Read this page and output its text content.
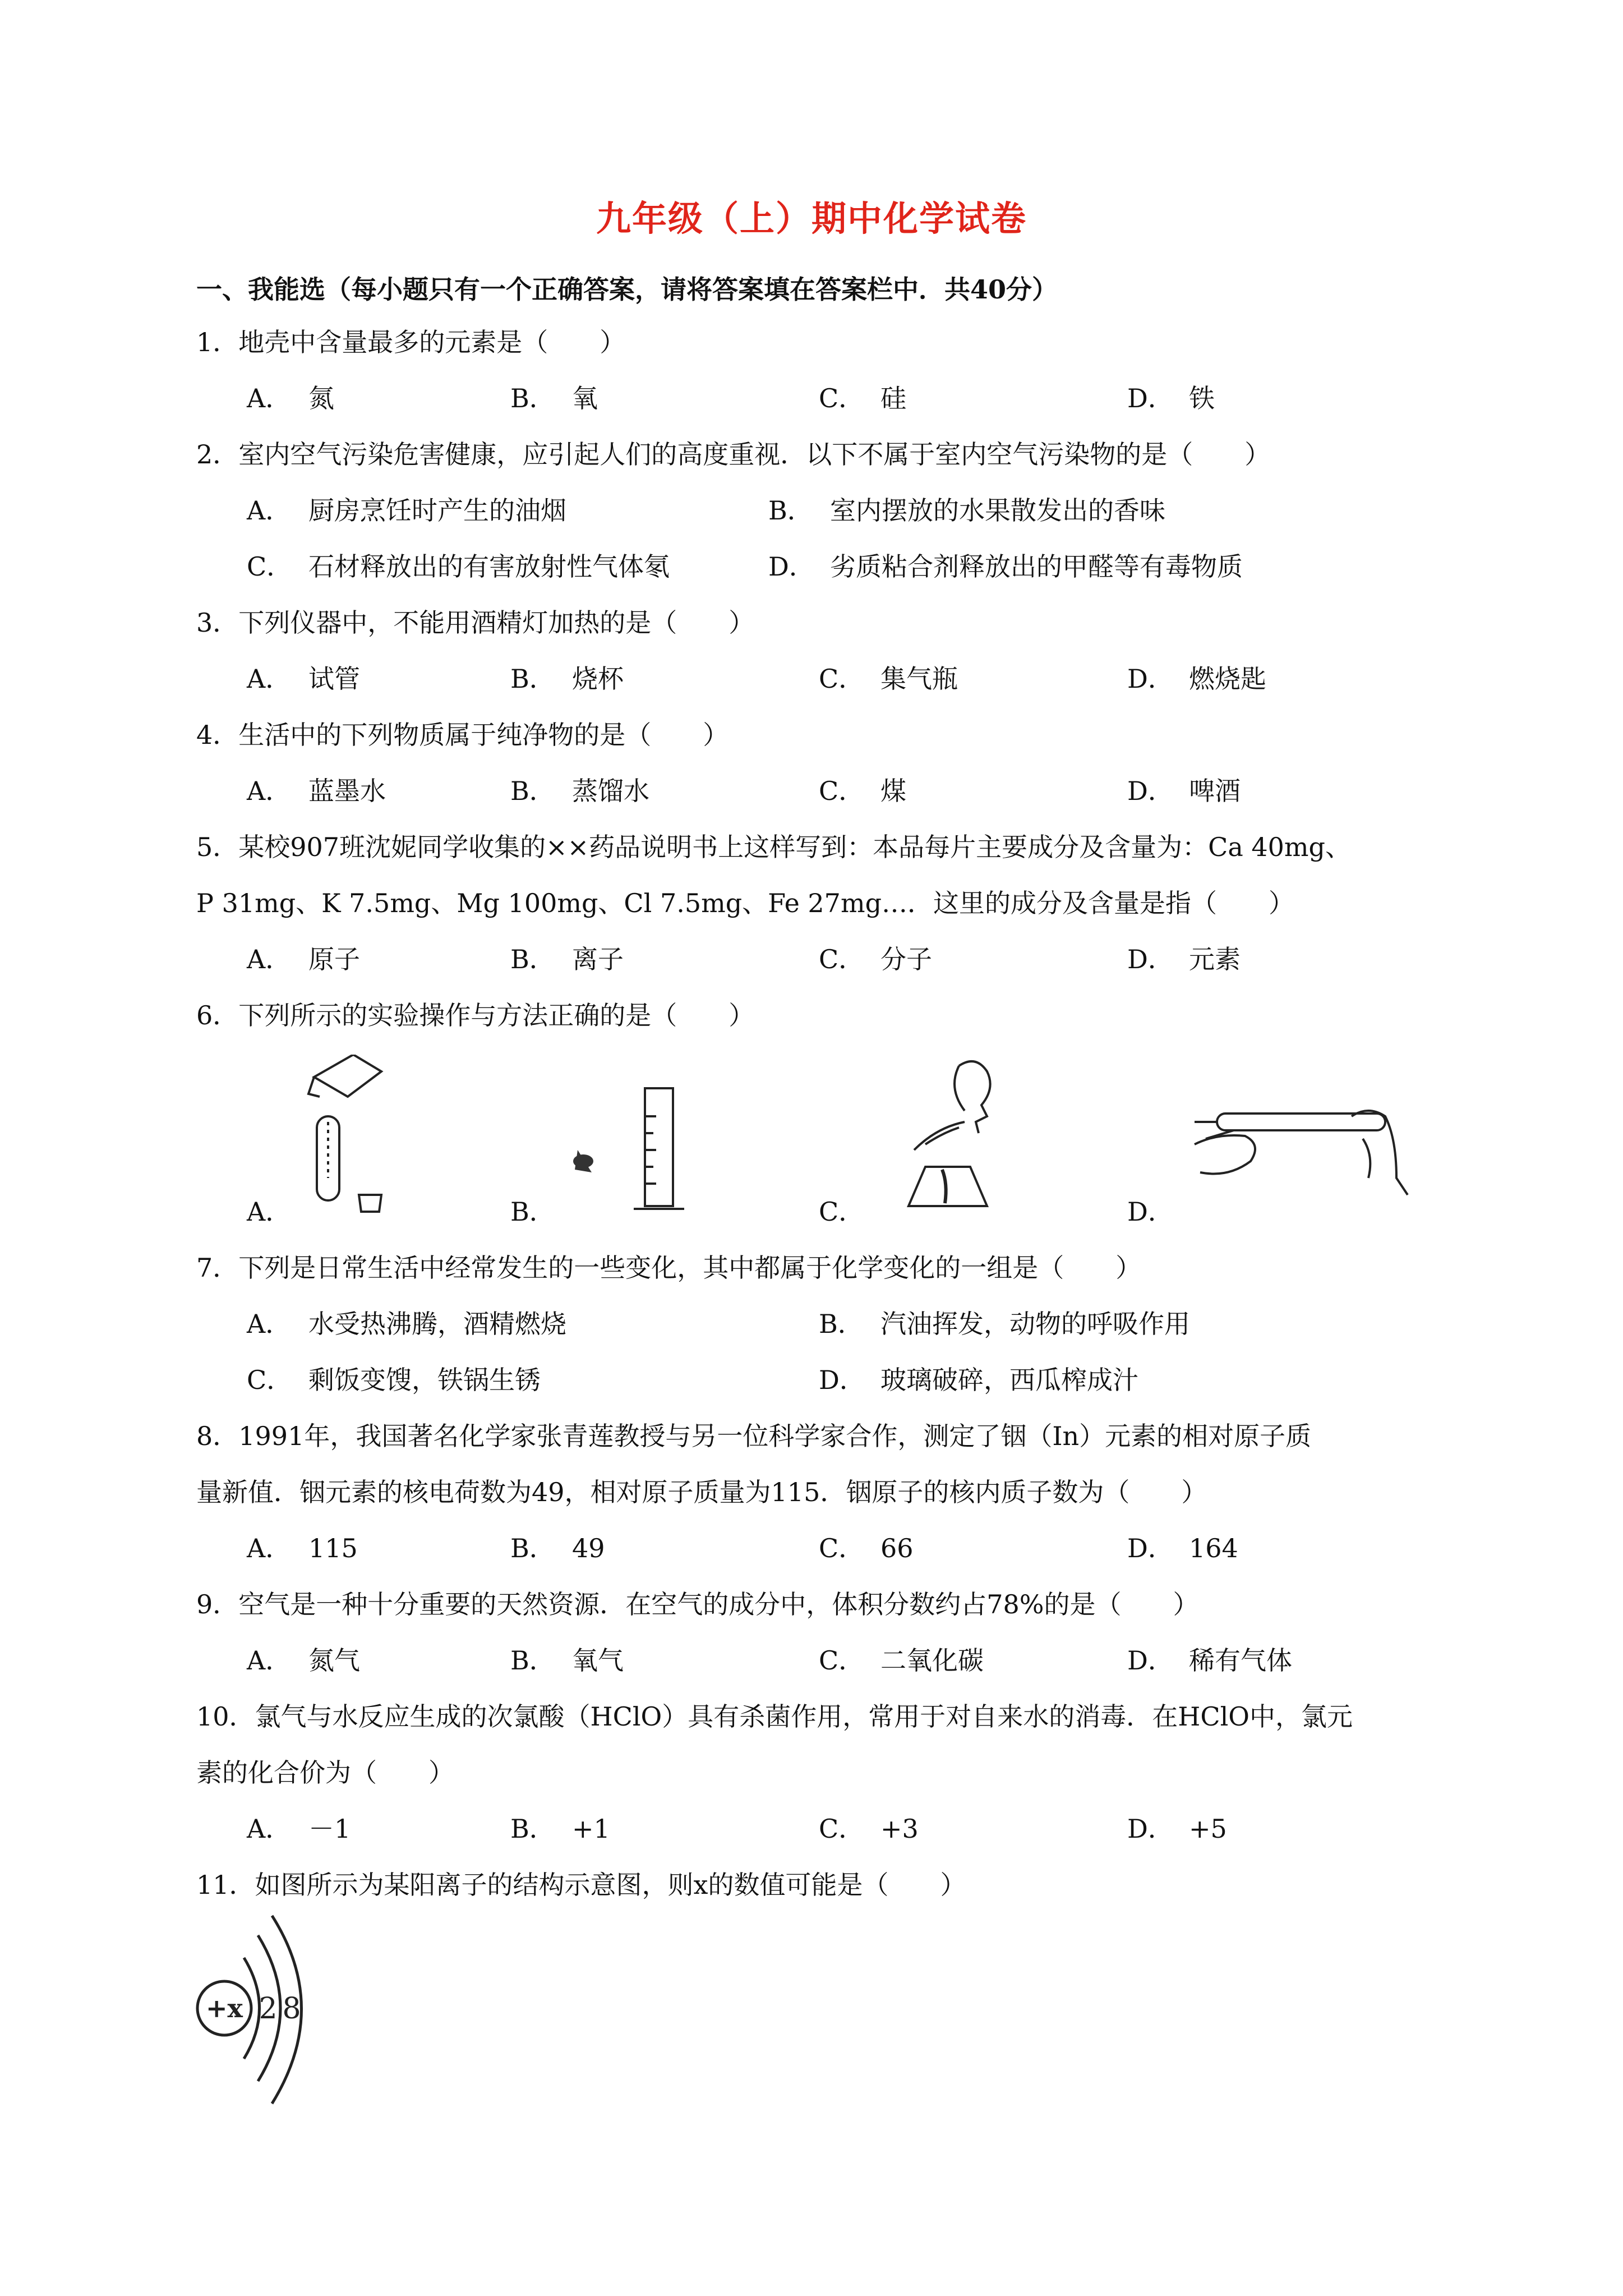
九年级（上）期中化学试卷
一、我能选（每小题只有一个正确答案，请将答案填在答案栏中．共40分）
1．地壳中含量最多的元素是（　　）
A． 氮	B． 氧	C． 硅	D． 铁
2．室内空气污染危害健康，应引起人们的高度重视．以下不属于室内空气污染物的是（　　）
A． 厨房烹饪时产生的油烟	B． 室内摆放的水果散发出的香味
C． 石材释放出的有害放射性气体氡	D． 劣质粘合剂释放出的甲醛等有毒物质
3．下列仪器中，不能用酒精灯加热的是（　　）
A． 试管	B． 烧杯	C． 集气瓶	D． 燃烧匙
4．生活中的下列物质属于纯净物的是（　　）
A． 蓝墨水	B． 蒸馏水	C． 煤	D． 啤酒
5．某校907班沈妮同学收集的××药品说明书上这样写到：本品每片主要成分及含量为：Ca 40mg、
P 31mg、K 7.5mg、Mg 100mg、Cl 7.5mg、Fe 27mg…．这里的成分及含量是指（　　）
A． 原子	B． 离子	C． 分子	D． 元素
6．下列所示的实验操作与方法正确的是（　　）
A．	B．	C．	D．
7．下列是日常生活中经常发生的一些变化，其中都属于化学变化的一组是（　　）
A． 水受热沸腾，酒精燃烧	B． 汽油挥发，动物的呼吸作用
C． 剩饭变馊，铁锅生锈	D． 玻璃破碎，西瓜榨成汁
8．1991年，我国著名化学家张青莲教授与另一位科学家合作，测定了铟（In）元素的相对原子质
量新值．铟元素的核电荷数为49，相对原子质量为115．铟原子的核内质子数为（　　）
A． 115	B． 49	C． 66	D． 164
9．空气是一种十分重要的天然资源．在空气的成分中，体积分数约占78%的是（　　）
A． 氮气	B． 氧气	C． 二氧化碳	D． 稀有气体
10．氯气与水反应生成的次氯酸（HClO）具有杀菌作用，常用于对自来水的消毒．在HClO中，氯元
素的化合价为（　　）
A． －1	B． +1	C． +3	D． +5
11．如图所示为某阳离子的结构示意图，则x的数值可能是（　　）
+x 2 8
